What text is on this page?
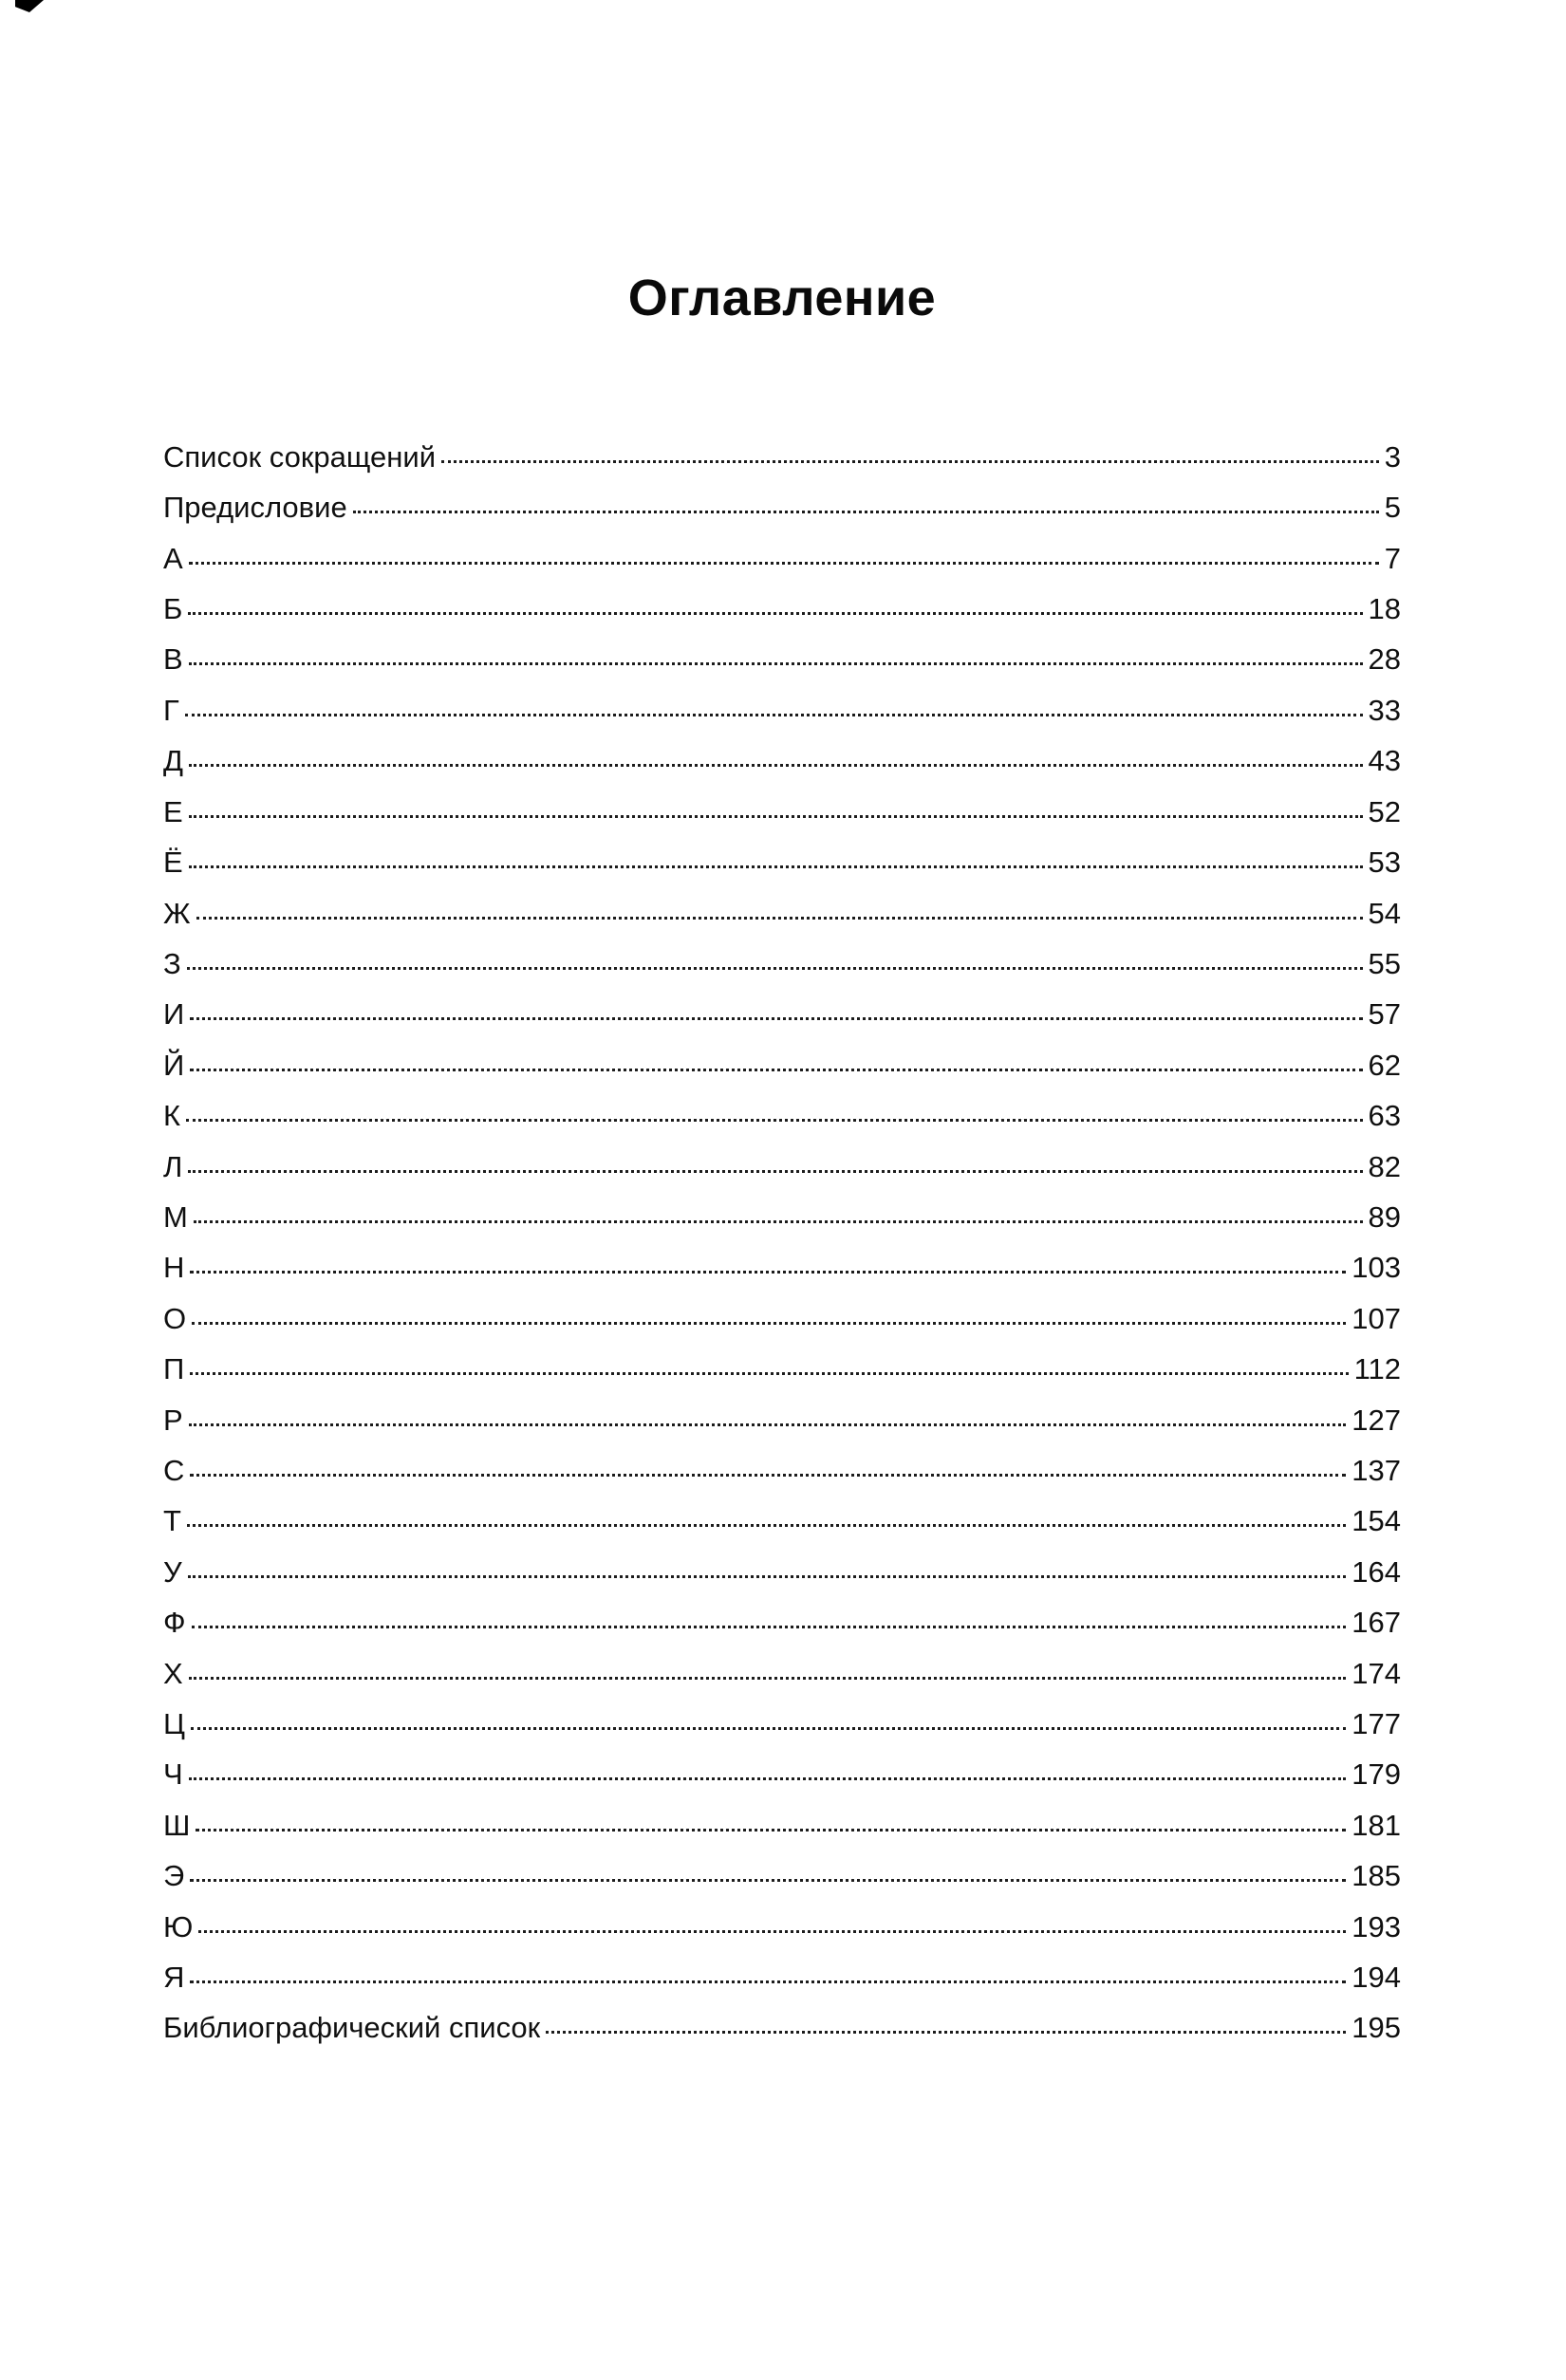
Оглавление
Список сокращений	3
Предисловие	5
А	7
Б	18
В	28
Г	33
Д	43
Е	52
Ё	53
Ж	54
З	55
И	57
Й	62
К	63
Л	82
М	89
Н	103
О	107
П	112
Р	127
С	137
Т	154
У	164
Ф	167
Х	174
Ц	177
Ч	179
Ш	181
Э	185
Ю	193
Я	194
Библиографический список	195
